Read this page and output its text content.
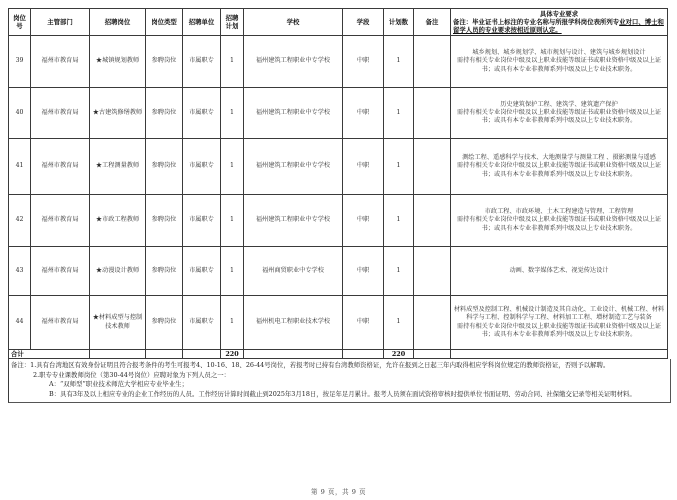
岗位号	主管部门	招聘岗位	岗位类型	招聘单位	招聘计划	学校	学段	计划数	备注	具体专业要求
备注：毕业证书上标注的专业名称与所报学科岗位表所列专业对口、博士和留学人员的专业要求按相近原则认定。

39	福州市教育局	★城镇规划教师	参聘岗位	市属职专	1	福州建筑工程职业中专学校	中职	1		城乡规划、城乡规划学、城市规划与设计、建筑与城乡规划设计
需持有相关专业岗位中级及以上职业技能等级证书或职业资格中级及以上证书；或具有本专业非教师系列中级及以上专业技术职务。

40	福州市教育局	★古建筑修缮教师	参聘岗位	市属职专	1	福州建筑工程职业中专学校	中职	1		历史建筑保护工程、建筑学、建筑遗产保护
需持有相关专业岗位中级及以上职业技能等级证书或职业资格中级及以上证书；或具有本专业非教师系列中级及以上专业技术职务。

41	福州市教育局	★工程测量教师	参聘岗位	市属职专	1	福州建筑工程职业中专学校	中职	1		测绘工程、遥感科学与技术、大地测量学与测量工程 、摄影测量与遥感
需持有相关专业岗位中级及以上职业技能等级证书或职业资格中级及以上证书；或具有本专业非教师系列中级及以上专业技术职务。

42	福州市教育局	★市政工程教师	参聘岗位	市属职专	1	福州建筑工程职业中专学校	中职	1		市政工程、市政环境、土木工程建造与管理、工程管理
需持有相关专业岗位中级及以上职业技能等级证书或职业资格中级及以上证书；或具有本专业非教师系列中级及以上专业技术职务。

43	福州市教育局	★动漫设计教师	参聘岗位	市属职专	1	福州商贸职业中专学校	中职	1		动画、数字媒体艺术、视觉传达设计

44	福州市教育局	★材料成型与控制技术教师	参聘岗位	市属职专	1	福州机电工程职业技术学校	中职	1		材料成型及控制工程、机械设计制造及其自动化、工业设计、机械工程、材料科学与工程、控制科学与工程、材料加工工程、增材制造工艺与装备
需持有相关专业岗位中级及以上职业技能等级证书或职业资格中级及以上证书；或具有本专业非教师系列中级及以上专业技术职务。

合计					220			220		
备注：1.具有台湾地区有效身份证明且符合报考条件的考生可报考4、10-16、18、26-44号岗位，若报考时已持有台湾教师资格证，允许在报到之日起三年内取得相应学科岗位规定的教师资格证，否则予以解聘。
2.职专专业课教师岗位（第30-44号岗位）应聘对象为下列人员之一：
A：“双师型”职业技术师范大学相应专业毕业生；
B：具有3年及以上相应专业的企业工作经历的人员。工作经历计算时间截止到2025年3月18日，按足年足月累计。报考人员须在面试资格审核时提供单位书面证明、劳动合同、社保缴交记录等相关证明材料。
第 9 页，共 9 页
